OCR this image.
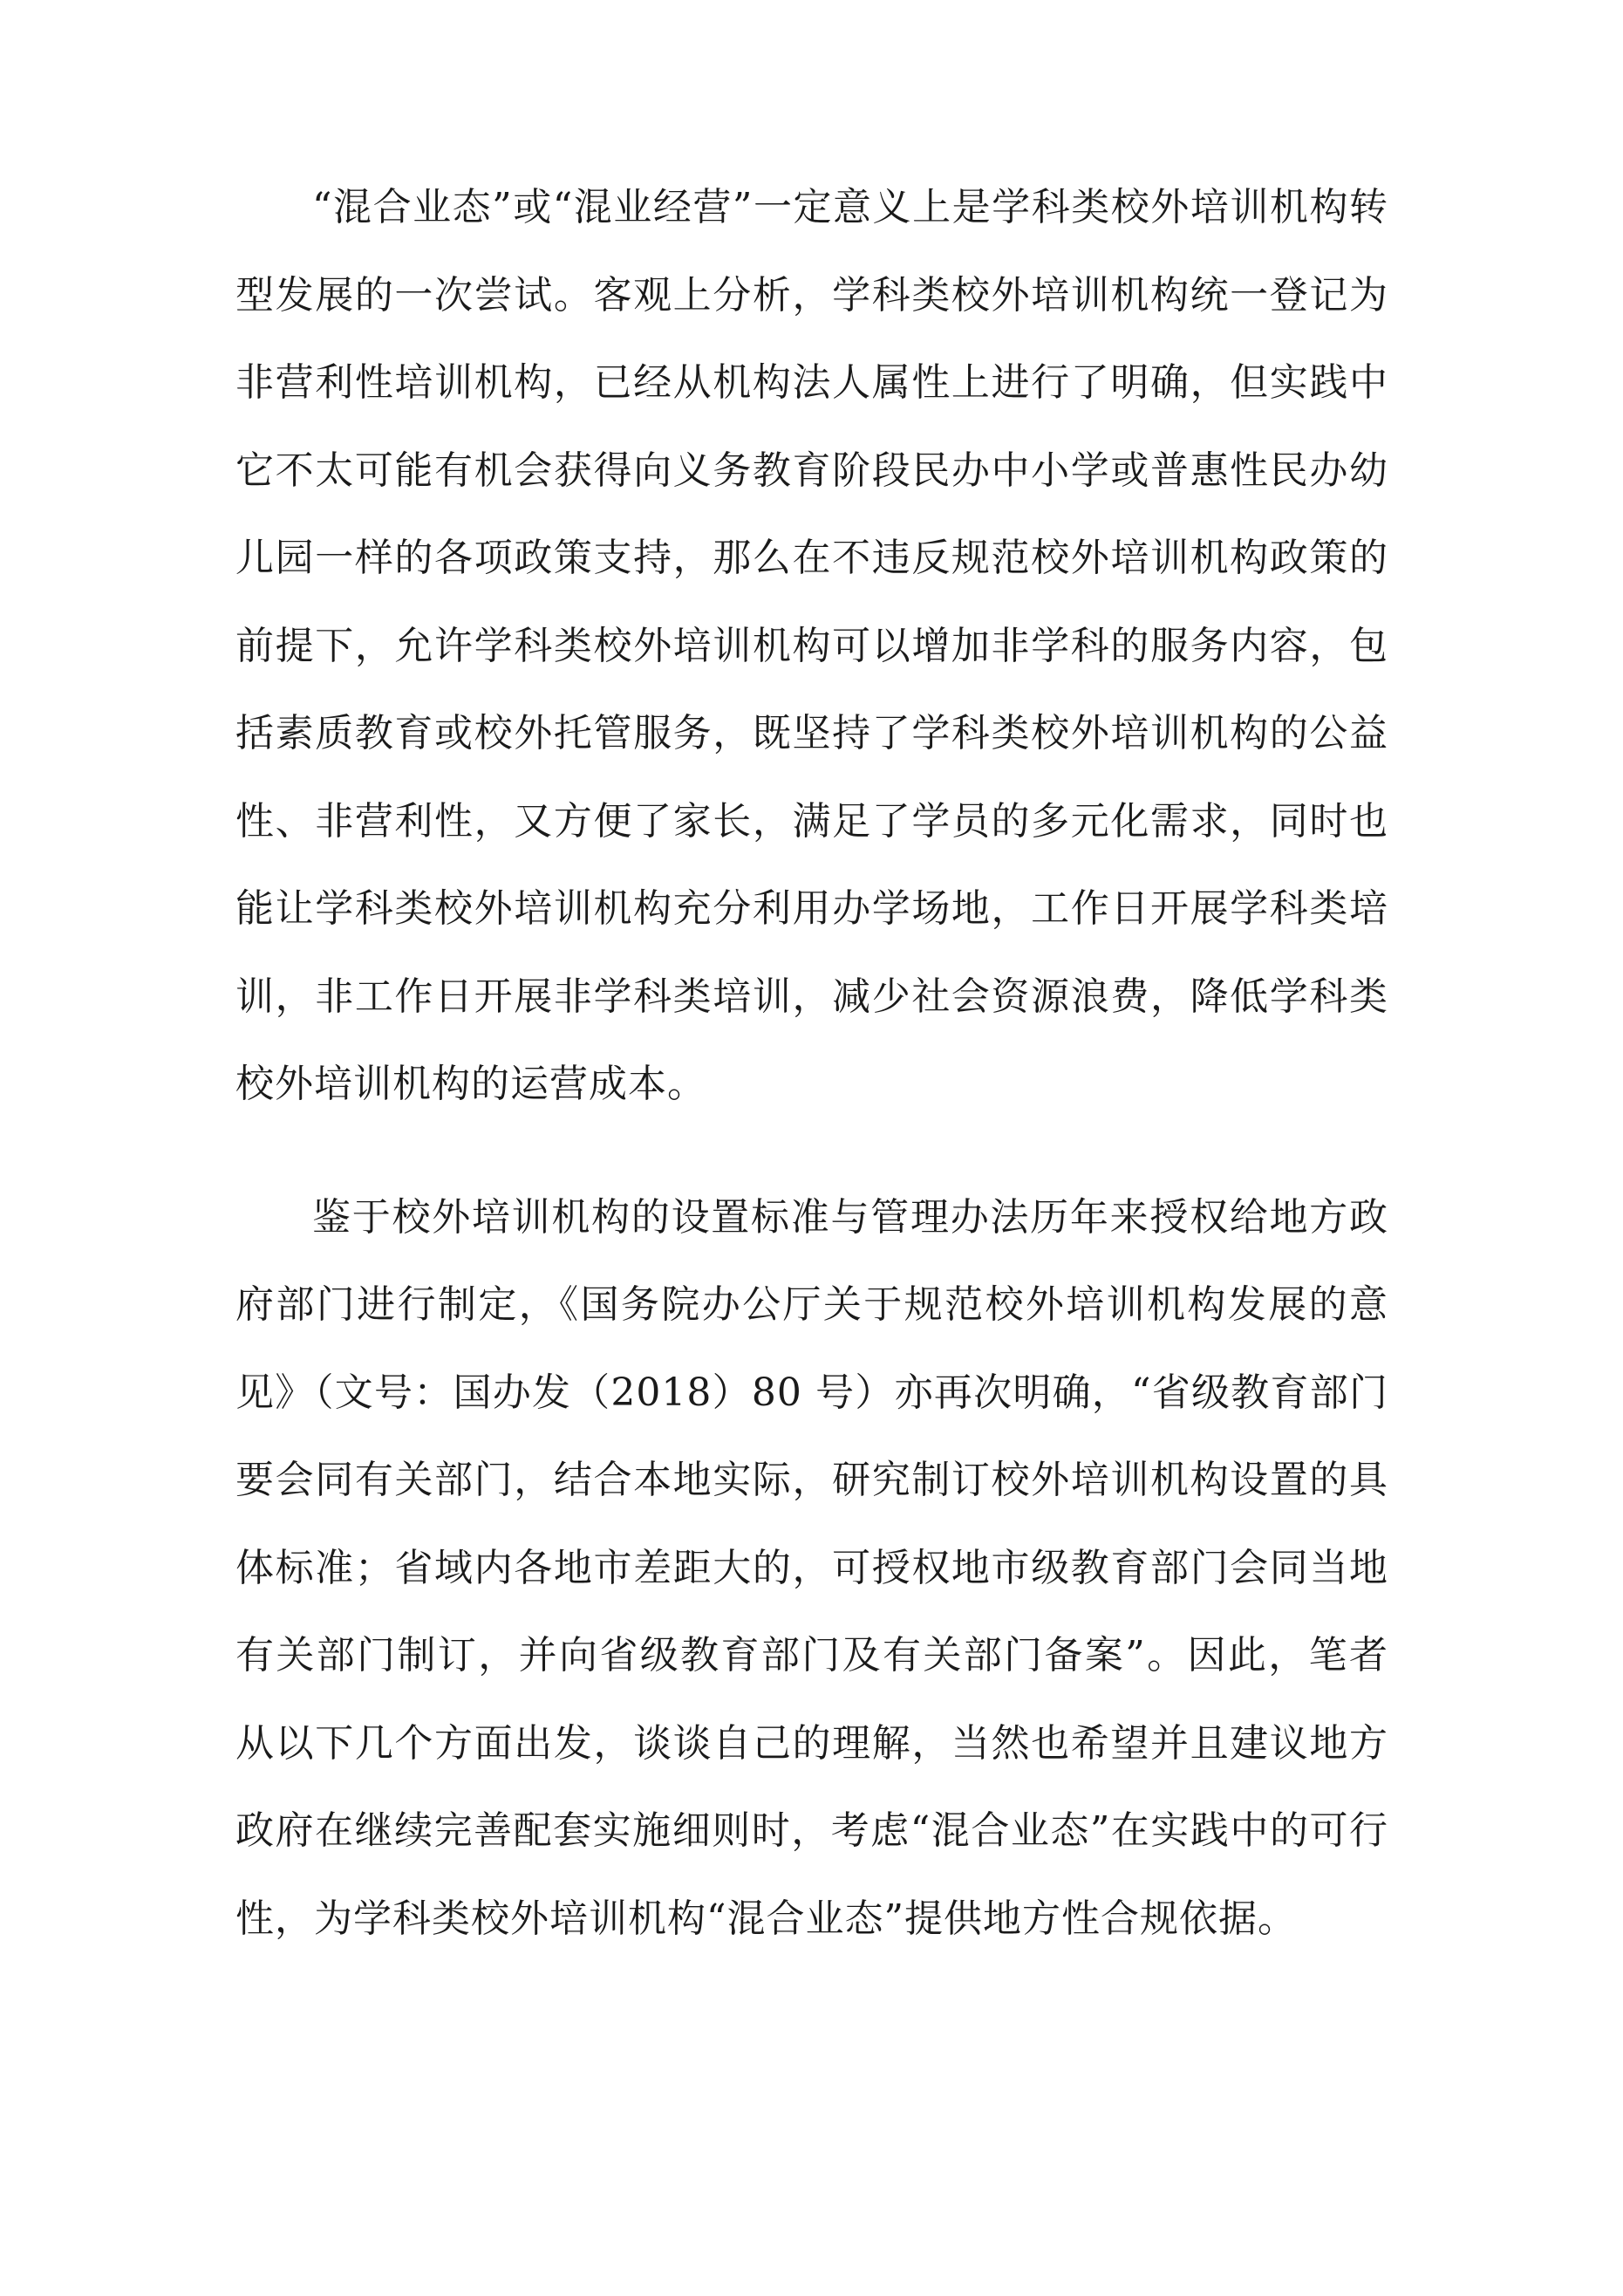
“混合业态”或“混业经营”一定意义上是学科类校外培训机构转型发展的一次尝试。客观上分析，学科类校外培训机构统一登记为非营利性培训机构，已经从机构法人属性上进行了明确，但实践中它不太可能有机会获得向义务教育阶段民办中小学或普惠性民办幼儿园一样的各项政策支持，那么在不违反规范校外培训机构政策的前提下，允许学科类校外培训机构可以增加非学科的服务内容，包括素质教育或校外托管服务，既坚持了学科类校外培训机构的公益性、非营利性，又方便了家长，满足了学员的多元化需求，同时也能让学科类校外培训机构充分利用办学场地，工作日开展学科类培训，非工作日开展非学科类培训，减少社会资源浪费，降低学科类校外培训机构的运营成本。

鉴于校外培训机构的设置标准与管理办法历年来授权给地方政府部门进行制定，《国务院办公厅关于规范校外培训机构发展的意见》（文号：国办发（2018）80 号）亦再次明确，“省级教育部门要会同有关部门，结合本地实际，研究制订校外培训机构设置的具体标准；省域内各地市差距大的，可授权地市级教育部门会同当地有关部门制订，并向省级教育部门及有关部门备案”。因此，笔者从以下几个方面出发，谈谈自己的理解，当然也希望并且建议地方政府在继续完善配套实施细则时，考虑“混合业态”在实践中的可行性，为学科类校外培训机构“混合业态”提供地方性合规依据。
